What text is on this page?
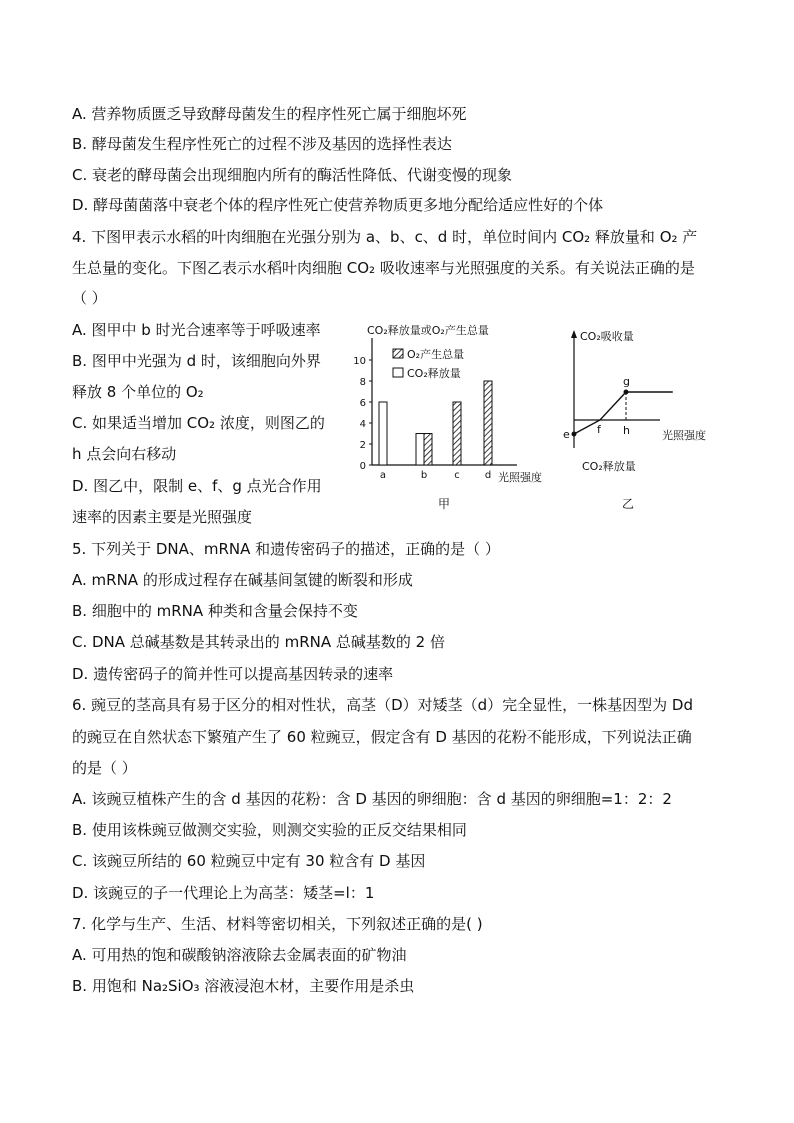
A. 营养物质匮乏导致酵母菌发生的程序性死亡属于细胞坏死
B. 酵母菌发生程序性死亡的过程不涉及基因的选择性表达
C. 衰老的酵母菌会出现细胞内所有的酶活性降低、代谢变慢的现象
D. 酵母菌菌落中衰老个体的程序性死亡使营养物质更多地分配给适应性好的个体
4. 下图甲表示水稻的叶肉细胞在光强分别为 a、b、c、d 时，单位时间内 CO₂ 释放量和 O₂ 产
生总量的变化。下图乙表示水稻叶肉细胞 CO₂ 吸收速率与光照强度的关系。有关说法正确的是
（ ）
A. 图甲中 b 时光合速率等于呼吸速率
B. 图甲中光强为 d 时，该细胞向外界
释放 8 个单位的 O₂
C. 如果适当增加 CO₂ 浓度，则图乙的
h 点会向右移动
D. 图乙中，限制 e、f、g 点光合作用
速率的因素主要是光照强度
5. 下列关于 DNA、mRNA 和遗传密码子的描述，正确的是（ ）
A. mRNA 的形成过程存在碱基间氢键的断裂和形成
B. 细胞中的 mRNA 种类和含量会保持不变
C. DNA 总碱基数是其转录出的 mRNA 总碱基数的 2 倍
D. 遗传密码子的简并性可以提高基因转录的速率
6. 豌豆的茎高具有易于区分的相对性状，高茎（D）对矮茎（d）完全显性，一株基因型为 Dd
的豌豆在自然状态下繁殖产生了 60 粒豌豆，假定含有 D 基因的花粉不能形成，下列说法正确
的是（ ）
A. 该豌豆植株产生的含 d 基因的花粉：含 D 基因的卵细胞：含 d 基因的卵细胞=1：2：2
B. 使用该株豌豆做测交实验，则测交实验的正反交结果相同
C. 该豌豆所结的 60 粒豌豆中定有 30 粒含有 D 基因
D. 该豌豆的子一代理论上为高茎：矮茎=l：1
7. 化学与生产、生活、材料等密切相关，下列叙述正确的是( )
A. 可用热的饱和碳酸钠溶液除去金属表面的矿物油
B. 用饱和 Na₂SiO₃ 溶液浸泡木材，主要作用是杀虫
CO₂释放量或O₂产生总量
光照强度
甲
0
2
4
6
8
10
O₂产生总量
CO₂释放量
a	b	c	d
CO₂吸收量
CO₂释放量
光照强度
乙
e f
g
h
